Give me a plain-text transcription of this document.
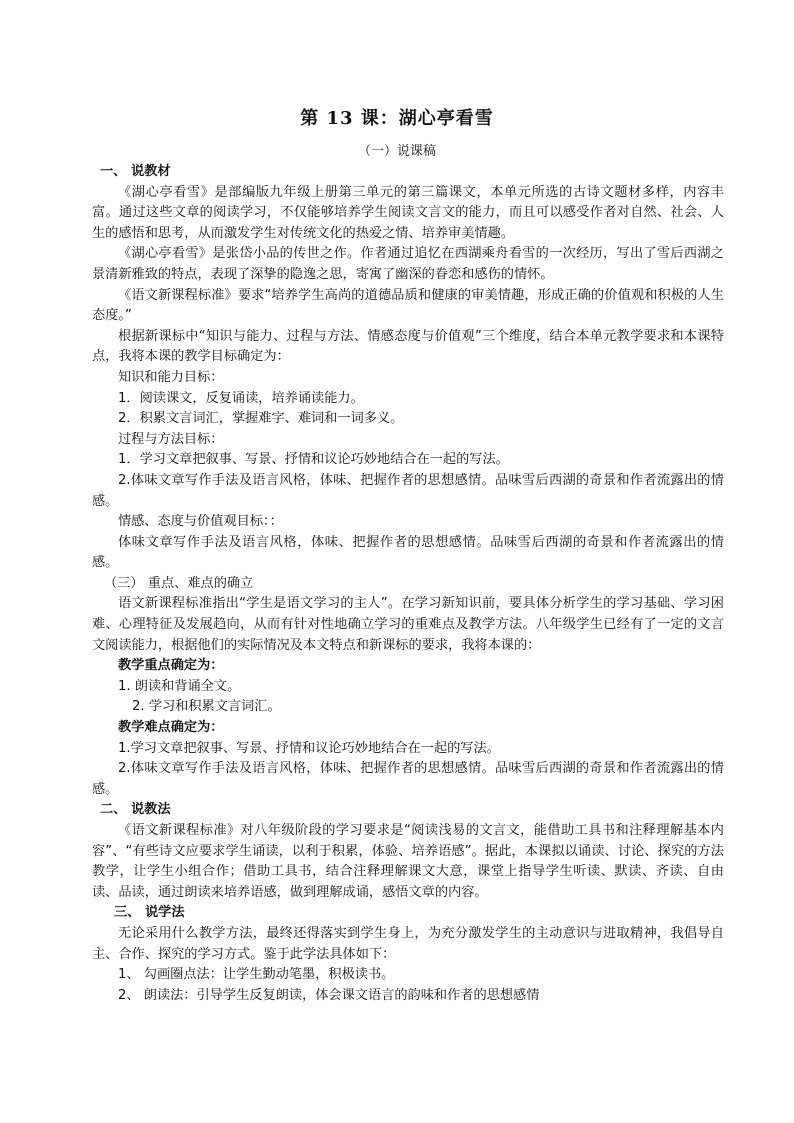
第 13 课：湖心亭看雪
（一）说课稿

一、 说教材

《湖心亭看雪》是部编版九年级上册第三单元的第三篇课文，本单元所选的古诗文题材多样，内容丰富。通过这些文章的阅读学习，不仅能够培养学生阅读文言文的能力，而且可以感受作者对自然、社会、人生的感悟和思考，从而激发学生对传统文化的热爱之情、培养审美情趣。

《湖心亭看雪》是张岱小品的传世之作。作者通过追忆在西湖乘舟看雪的一次经历，写出了雪后西湖之景清新雅致的特点，表现了深挚的隐逸之思，寄寓了幽深的眷恋和感伤的情怀。

《语文新课程标准》要求“培养学生高尚的道德品质和健康的审美情趣，形成正确的价值观和积极的人生态度。”

根据新课标中“知识与能力、过程与方法、情感态度与价值观”三个维度，结合本单元教学要求和本课特点，我将本课的教学目标确定为：

知识和能力目标：

1．阅读课文，反复诵读，培养诵读能力。

2．积累文言词汇，掌握难字、难词和一词多义。

过程与方法目标：

1．学习文章把叙事、写景、抒情和议论巧妙地结合在一起的写法。

2.体味文章写作手法及语言风格，体味、把握作者的思想感情。品味雪后西湖的奇景和作者流露出的情感。

情感、态度与价值观目标：：

体味文章写作手法及语言风格，体味、把握作者的思想感情。品味雪后西湖的奇景和作者流露出的情感。

（三） 重点、难点的确立

语文新课程标准指出“学生是语文学习的主人”。在学习新知识前，要具体分析学生的学习基础、学习困难、心理特征及发展趋向，从而有针对性地确立学习的重难点及教学方法。八年级学生已经有了一定的文言文阅读能力，根据他们的实际情况及本文特点和新课标的要求，我将本课的：

教学重点确定为：

1. 朗读和背诵全文。

2. 学习和积累文言词汇。

教学难点确定为：

1.学习文章把叙事、写景、抒情和议论巧妙地结合在一起的写法。

2.体味文章写作手法及语言风格，体味、把握作者的思想感情。品味雪后西湖的奇景和作者流露出的情感。

二、 说教法

《语文新课程标准》对八年级阶段的学习要求是“阅读浅易的文言文，能借助工具书和注释理解基本内容”、“有些诗文应要求学生诵读，以利于积累，体验、培养语感”。据此，本课拟以诵读、讨论、探究的方法教学，让学生小组合作；借助工具书，结合注释理解课文大意，课堂上指导学生听读、默读、齐读、自由读、品读，通过朗读来培养语感，做到理解成诵，感悟文章的内容。

三、 说学法

无论采用什么教学方法，最终还得落实到学生身上，为充分激发学生的主动意识与进取精神，我倡导自主、合作、探究的学习方式。鉴于此学法具体如下：

1、 勾画圈点法：让学生勤动笔墨，积极读书。

2、 朗读法：引导学生反复朗读，体会课文语言的韵味和作者的思想感情
